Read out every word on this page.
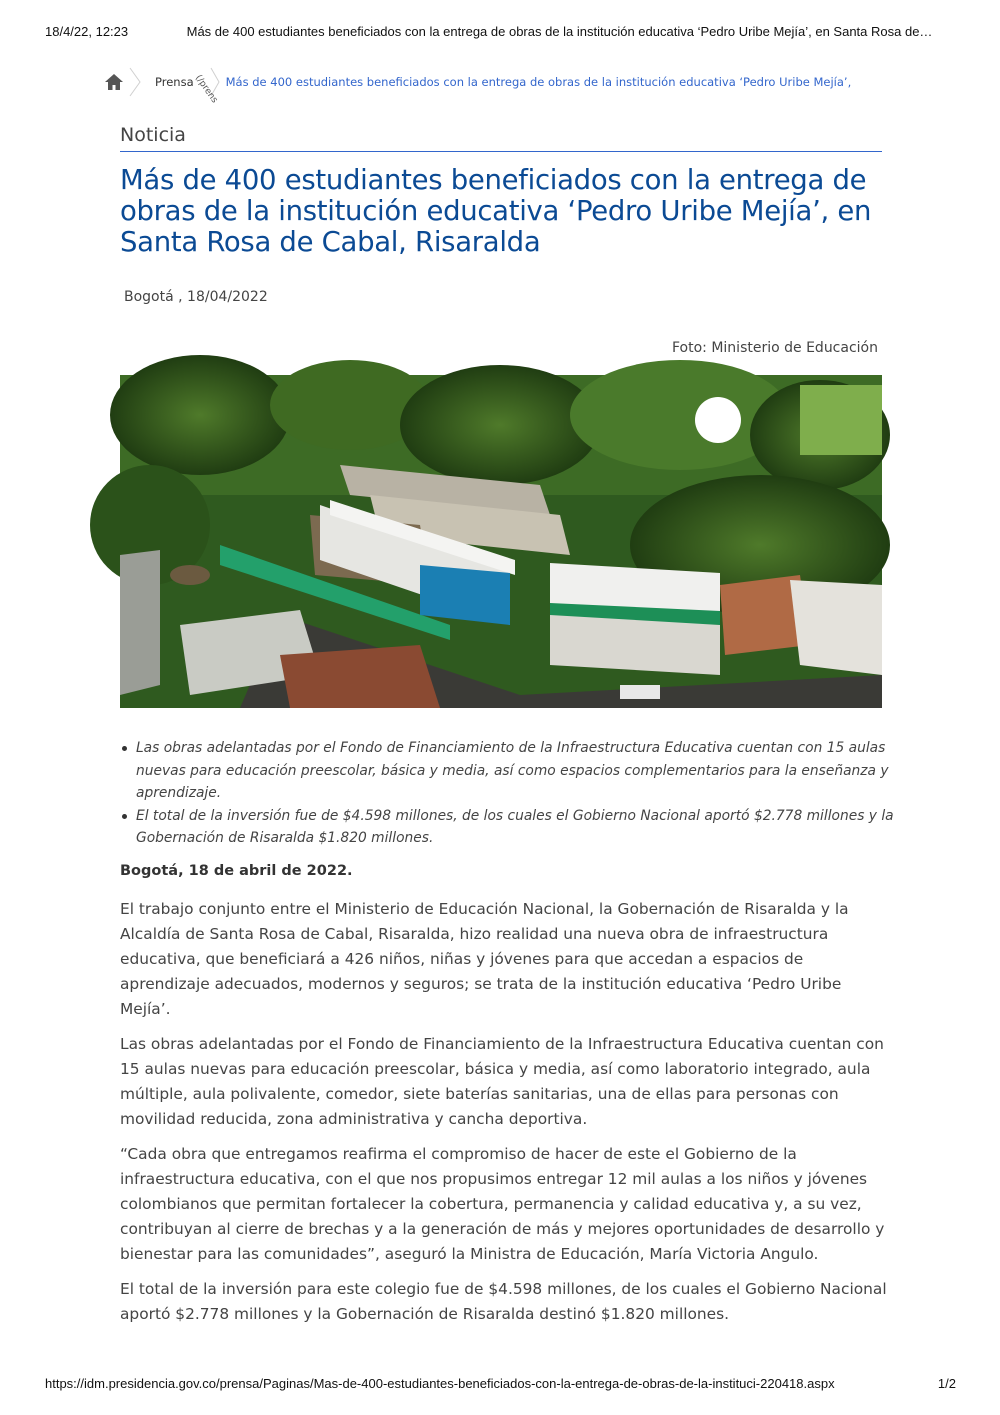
18/4/22, 12:23	Más de 400 estudiantes beneficiados con la entrega de obras de la institución educativa ‘Pedro Uribe Mejía’, en Santa Rosa de…
Prensa
(/prens Más de 400 estudiantes beneficiados con la entrega de obras de la institución educativa ‘Pedro Uribe Mejía’,
Noticia
Más de 400 estudiantes beneficiados con la entrega de obras de la institución educativa ‘Pedro Uribe Mejía’, en Santa Rosa de Cabal, Risaralda
Bogotá , 18/04/2022
Foto: Ministerio de Educación
Las obras adelantadas por el Fondo de Financiamiento de la Infraestructura Educativa cuentan con 15 aulas nuevas para educación preescolar, básica y media, así como espacios complementarios para la enseñanza y aprendizaje.
El total de la inversión fue de $4.598 millones, de los cuales el Gobierno Nacional aportó $2.778 millones y la Gobernación de Risaralda $1.820 millones.
Bogotá, 18 de abril de 2022.

El trabajo conjunto entre el Ministerio de Educación Nacional, la Gobernación de Risaralda y la Alcaldía de Santa Rosa de Cabal, Risaralda, hizo realidad una nueva obra de infraestructura educativa, que beneficiará a 426 niños, niñas y jóvenes para que accedan a espacios de aprendizaje adecuados, modernos y seguros; se trata de la institución educativa ‘Pedro Uribe Mejía’.

Las obras adelantadas por el Fondo de Financiamiento de la Infraestructura Educativa cuentan con 15 aulas nuevas para educación preescolar, básica y media, así como laboratorio integrado, aula múltiple, aula polivalente, comedor, siete baterías sanitarias, una de ellas para personas con movilidad reducida, zona administrativa y cancha deportiva.

“Cada obra que entregamos reafirma el compromiso de hacer de este el Gobierno de la infraestructura educativa, con el que nos propusimos entregar 12 mil aulas a los niños y jóvenes colombianos que permitan fortalecer la cobertura, permanencia y calidad educativa y, a su vez, contribuyan al cierre de brechas y a la generación de más y mejores oportunidades de desarrollo y bienestar para las comunidades”, aseguró la Ministra de Educación, María Victoria Angulo.

El total de la inversión para este colegio fue de $4.598 millones, de los cuales el Gobierno Nacional aportó $2.778 millones y la Gobernación de Risaralda destinó $1.820 millones.

https://idm.presidencia.gov.co/prensa/Paginas/Mas-de-400-estudiantes-beneficiados-con-la-entrega-de-obras-de-la-instituci-220418.aspx	1/2
